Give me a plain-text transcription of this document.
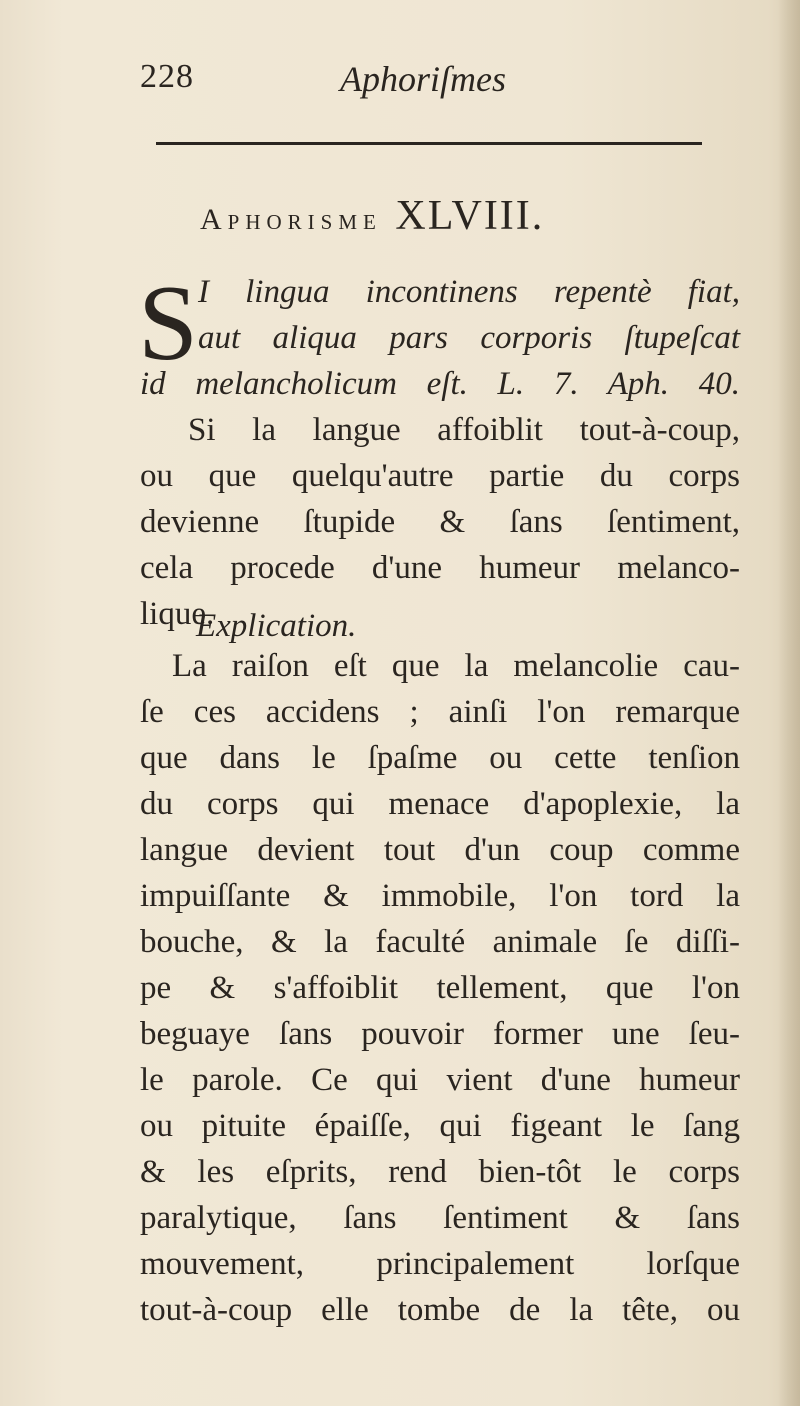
228	Aphoriſmes
Aphorisme XLVIII.
S I lingua incontinens repentè fiat,
aut aliqua pars corporis ſtupeſcat
id melancholicum eſt. L. 7. Aph. 40.
Si la langue affoiblit tout-à-coup,
ou que quelqu'autre partie du corps
devienne ſtupide & ſans ſentiment,
cela procede d'une humeur melanco-
lique.
Explication.
La raiſon eſt que la melancolie cau-
ſe ces accidens ; ainſi l'on remarque
que dans le ſpaſme ou cette tenſion
du corps qui menace d'apoplexie, la
langue devient tout d'un coup comme
impuiſſante & immobile, l'on tord la
bouche, & la faculté animale ſe diſſi-
pe & s'affoiblit tellement, que l'on
beguaye ſans pouvoir former une ſeu-
le parole. Ce qui vient d'une humeur
ou pituite épaiſſe, qui figeant le ſang
& les eſprits, rend bien-tôt le corps
paralytique, ſans ſentiment & ſans
mouvement, principalement lorſque
tout-à-coup elle tombe de la tête, ou
